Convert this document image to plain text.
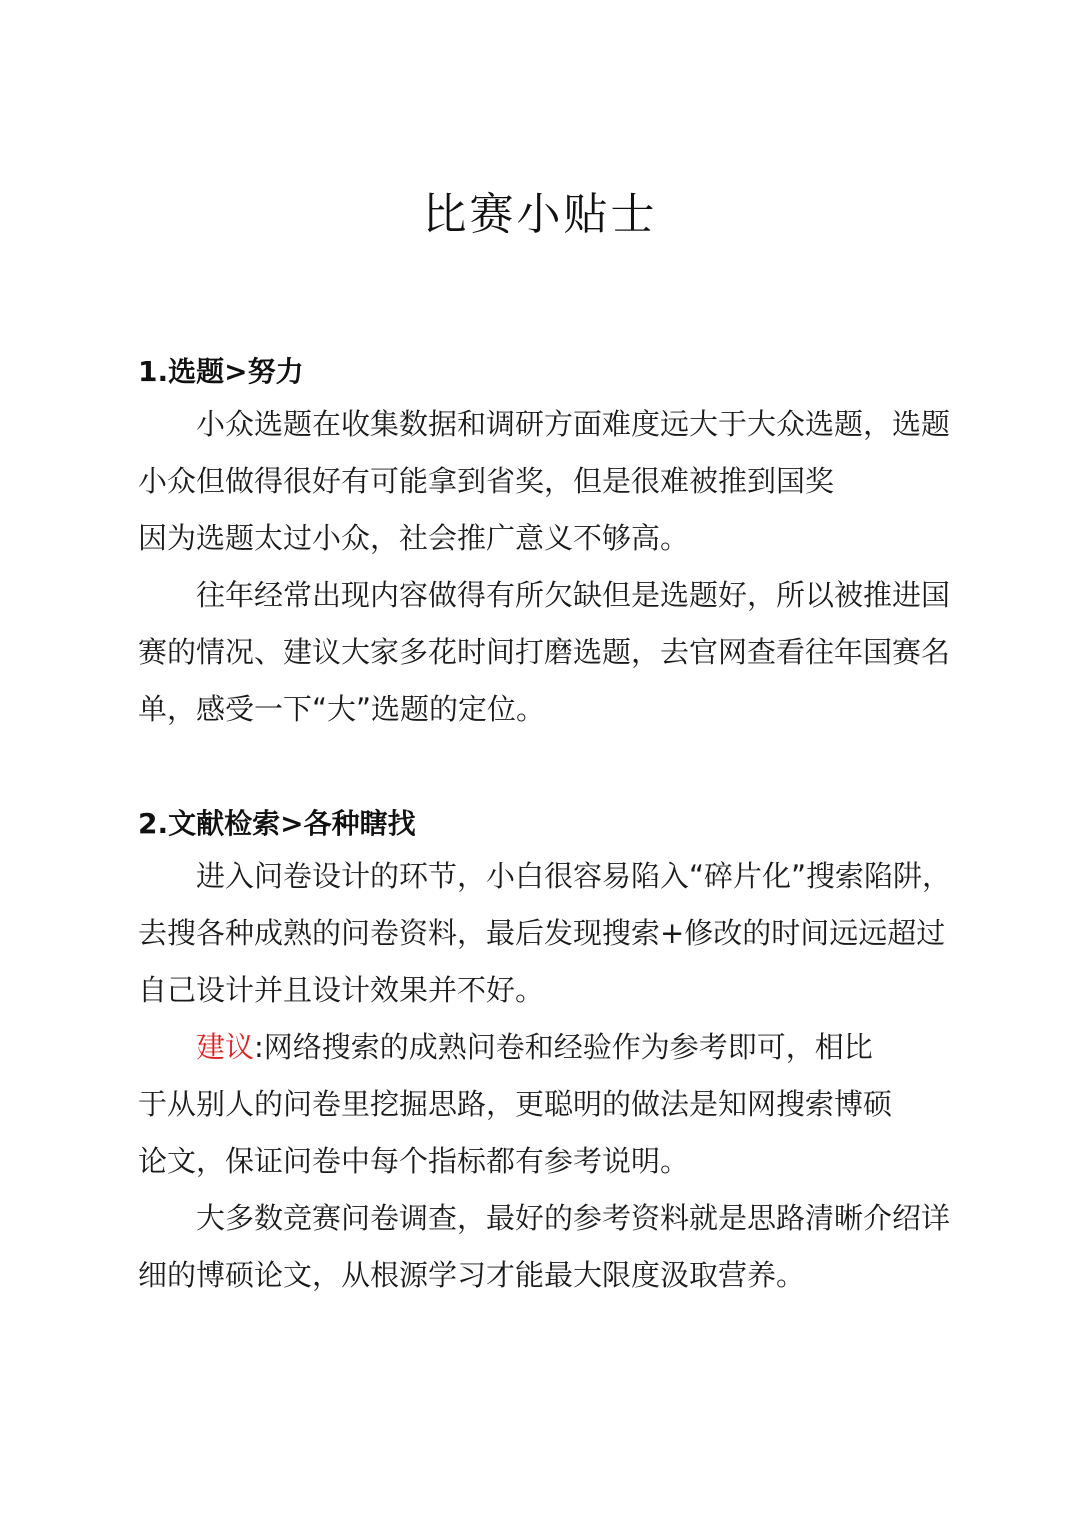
比赛小贴士
1.选题>努力

小众选题在收集数据和调研方面难度远大于大众选题，选题
小众但做得很好有可能拿到省奖，但是很难被推到国奖
因为选题太过小众，社会推广意义不够高。

往年经常出现内容做得有所欠缺但是选题好，所以被推进国
赛的情况、建议大家多花时间打磨选题，去官网查看往年国赛名
单，感受一下“大”选题的定位。

2.文献检索>各种瞎找

进入问卷设计的环节，小白很容易陷入“碎片化”搜索陷阱，
去搜各种成熟的问卷资料，最后发现搜索+修改的时间远远超过
自己设计并且设计效果并不好。

建议:网络搜索的成熟问卷和经验作为参考即可，相比
于从别人的问卷里挖掘思路，更聪明的做法是知网搜索博硕
论文，保证问卷中每个指标都有参考说明。

大多数竞赛问卷调查，最好的参考资料就是思路清晰介绍详
细的博硕论文，从根源学习才能最大限度汲取营养。
